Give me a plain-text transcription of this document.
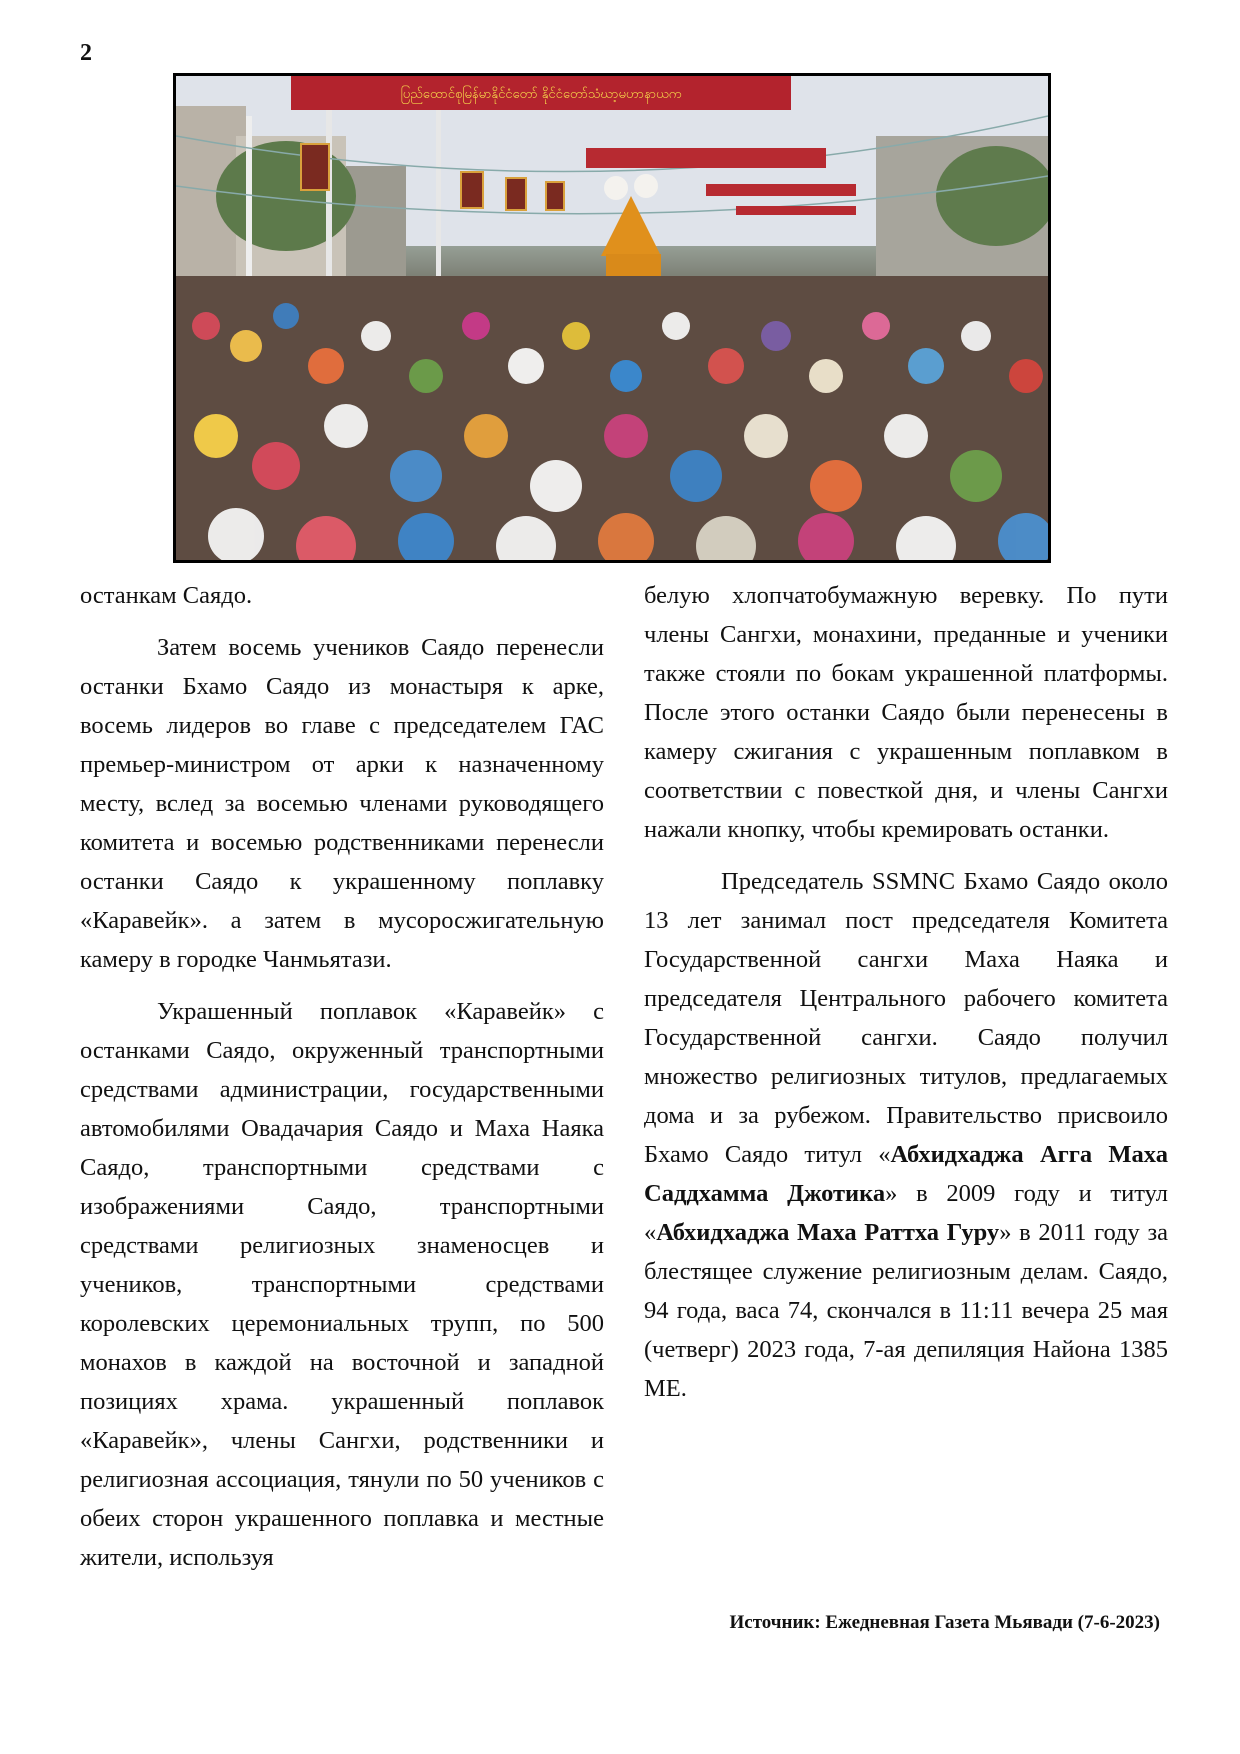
2
ပြည်ထောင်စုမြန်မာနိုင်ငံတော် နိုင်ငံတော်သံဃာ့မဟာနာယက

останкам Саядо.

Затем восемь учеников Саядо перенесли останки Бхамо Саядо из монастыря к арке, восемь лидеров во главе с председателем ГАС премьер-министром от арки к назначенному месту, вслед за восемью членами руководящего комитета и восемью родственниками перенесли останки Саядо к украшенному поплавку «Каравейк». а затем в мусоросжигательную камеру в городке Чанмьятази.

Украшенный поплавок «Каравейк» с останками Саядо, окруженный транспортными средствами администрации, государственными автомобилями Овадачария Саядо и Маха Наяка Саядо, транспортными средствами с изображениями Саядо, транспортными средствами религиозных знаменосцев и учеников, транспортными средствами королевских церемониальных трупп, по 500 монахов в каждой на восточной и западной позициях храма. украшенный поплавок «Каравейк», члены Сангхи, родственники и религиозная ассоциация, тянули по 50 учеников с обеих сторон украшенного поплавка и местные жители, используя

белую хлопчатобумажную веревку. По пути члены Сангхи, монахини, преданные и ученики также стояли по бокам украшенной платформы. После этого останки Саядо были перенесены в камеру сжигания с украшенным поплавком в соответствии с повесткой дня, и члены Сангхи нажали кнопку, чтобы кремировать останки.

Председатель SSMNC Бхамо Саядо около 13 лет занимал пост председателя Комитета Государственной сангхи Маха Наяка и председателя Центрального рабочего комитета Государственной сангхи. Саядо получил множество религиозных титулов, предлагаемых дома и за рубежом. Правительство присвоило Бхамо Саядо титул «Абхидхаджа Агга Маха Саддхамма Джотика» в 2009 году и титул «Абхидхаджа Маха Раттха Гуру» в 2011 году за блестящее служение религиозным делам. Саядо, 94 года, васа 74, скончался в 11:11 вечера 25 мая (четверг) 2023 года, 7-ая депиляция Найона 1385 МЕ.

Источник: Ежедневная Газета Мьявади (7-6-2023)
